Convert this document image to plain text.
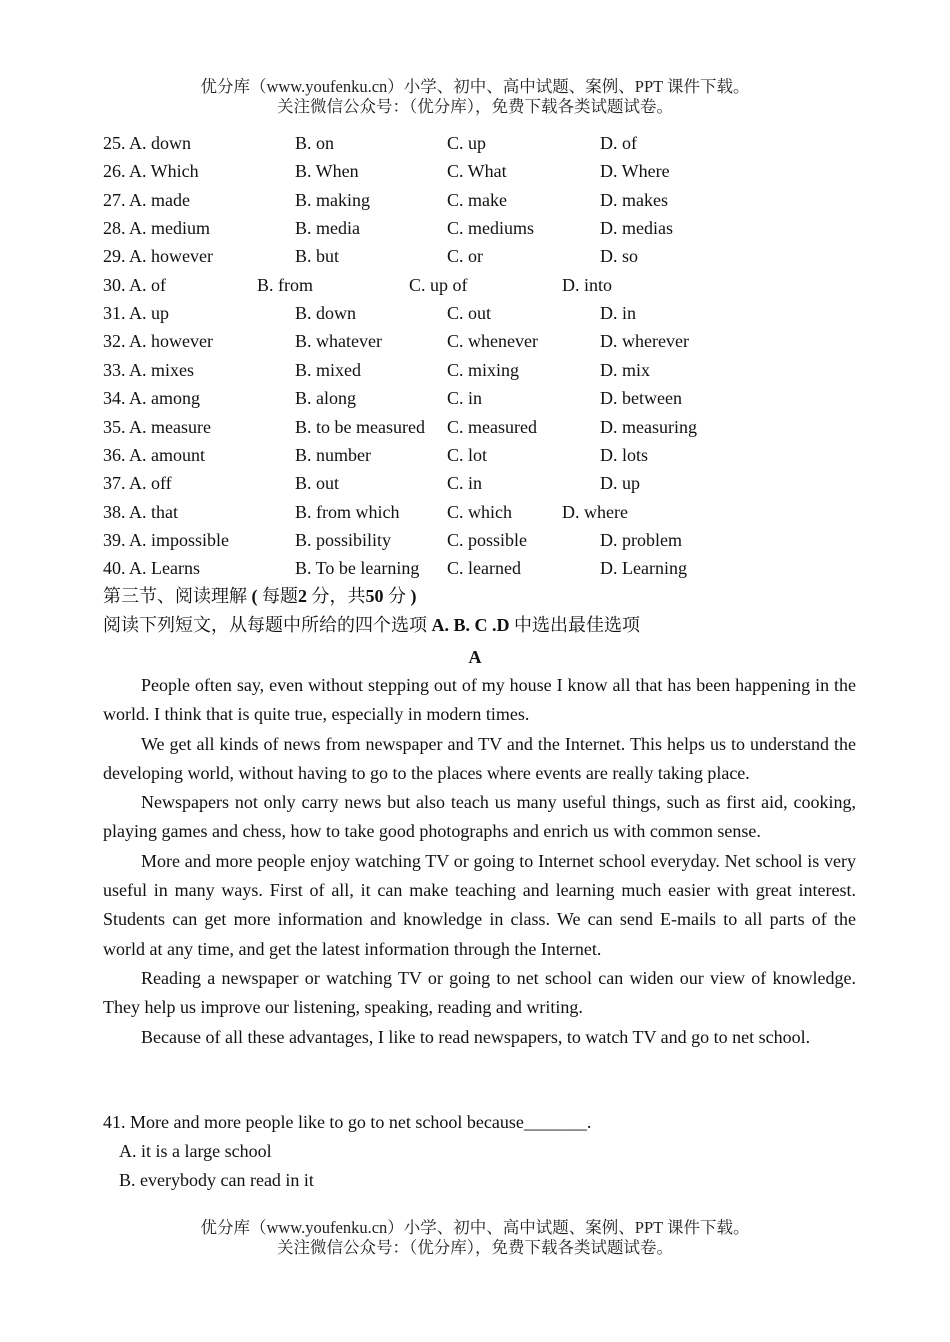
优分库（www.youfenku.cn）小学、初中、高中试题、案例、PPT 课件下载。
关注微信公众号：（优分库），免费下载各类试题试卷。
25. A. down	B. on	C. up	D. of
26. A. Which	B. When	C. What	D. Where
27. A. made	B. making	C. make	D. makes
28. A. medium	B. media	C. mediums	D. medias
29. A. however	B. but	C. or	D. so
30. A. of	B. from	C. up of	D. into
31. A. up	B. down	C. out	D. in
32. A. however	B. whatever	C. whenever	D. wherever
33. A. mixes	B. mixed	C. mixing	D. mix
34. A. among	B. along	C. in	D. between
35. A. measure	B. to be measured C. measured	D. measuring
36. A. amount	B. number	C. lot	D. lots
37. A. off	B. out	C. in	D. up
38. A. that	B. from which	C. which	D. where
39. A. impossible	B. possibility	C. possible	D. problem
40. A. Learns	B. To be learning C. learned	D. Learning
第三节、阅读理解 ( 每题2 分，共50 分 )
阅读下列短文，从每题中所给的四个选项 A. B. C .D 中选出最佳选项
A

People often say, even without stepping out of my house I know all that has been happening in the world. I think that is quite true, especially in modern times.

We get all kinds of news from newspaper and TV and the Internet. This helps us to understand the developing world, without having to go to the places where events are really taking place.

Newspapers not only carry news but also teach us many useful things, such as first aid, cooking, playing games and chess, how to take good photographs and enrich us with common sense.

More and more people enjoy watching TV or going to Internet school everyday. Net school is very useful in many ways. First of all, it can make teaching and learning much easier with great interest. Students can get more information and knowledge in class. We can send E-mails to all parts of the world at any time, and get the latest information through the Internet.

Reading a newspaper or watching TV or going to net school can widen our view of knowledge. They help us improve our listening, speaking, reading and writing.

Because of all these advantages, I like to read newspapers, to watch TV and go to net school.

41. More and more people like to go to net school because_______.
A. it is a large school
B. everybody can read in it
优分库（www.youfenku.cn）小学、初中、高中试题、案例、PPT 课件下载。
关注微信公众号：（优分库），免费下载各类试题试卷。
